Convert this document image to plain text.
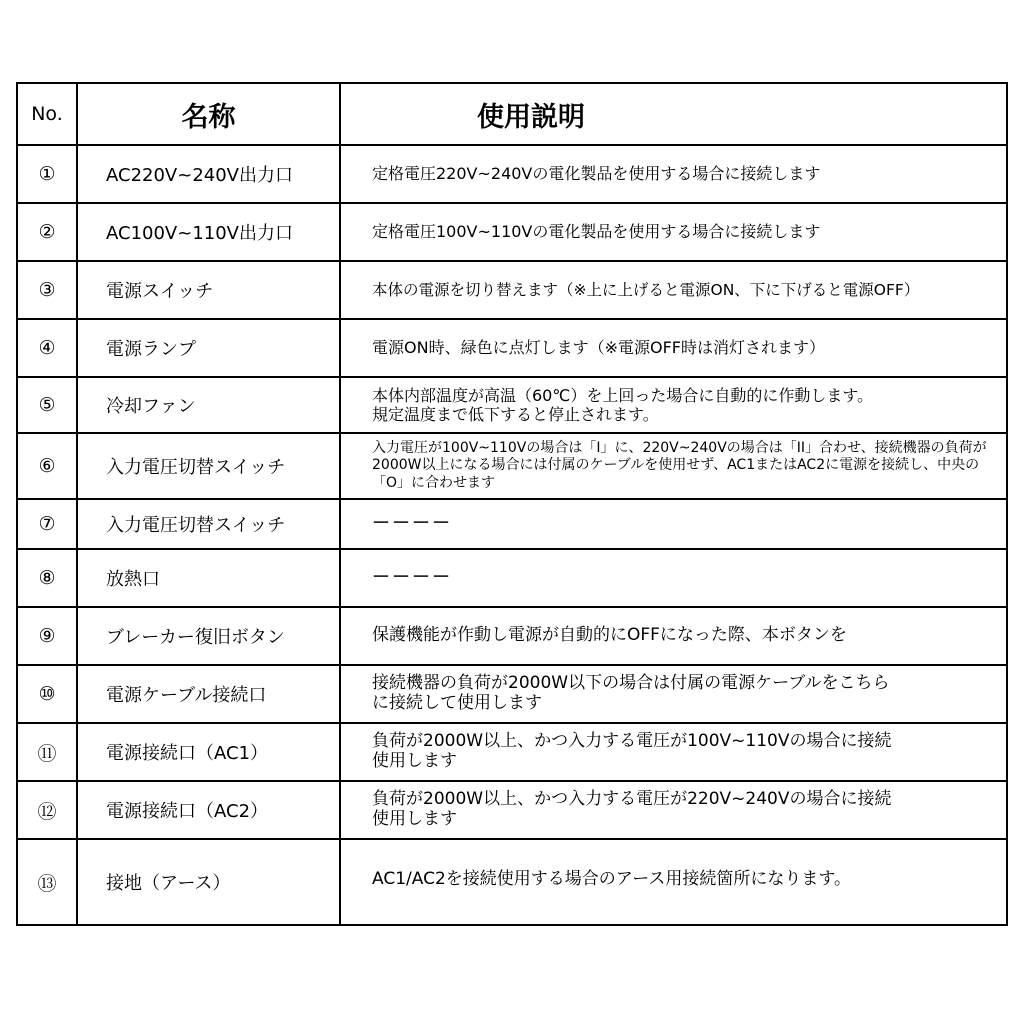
No.	名称	使用説明
①	AC220V~240V出力口	定格電圧220V~240Vの電化製品を使用する場合に接続します
②	AC100V~110V出力口	定格電圧100V~110Vの電化製品を使用する場合に接続します
③	電源スイッチ	本体の電源を切り替えます（※上に上げると電源ON、下に下げると電源OFF）
④	電源ランプ	電源ON時、緑色に点灯します（※電源OFF時は消灯されます）
⑤	冷却ファン	本体内部温度が高温（60℃）を上回った場合に自動的に作動します。
規定温度まで低下すると停止されます。
⑥	入力電圧切替スイッチ	入力電圧が100V~110Vの場合は「I」に、220V~240Vの場合は「II」合わせ、接続機器の負荷が2000W以上になる場合には付属のケーブルを使用せず、AC1またはAC2に電源を接続し、中央の「O」に合わせます
⑦	入力電圧切替スイッチ	－－－－
⑧	放熱口	－－－－
⑨	ブレーカー復旧ボタン	保護機能が作動し電源が自動的にOFFになった際、本ボタンを
⑩	電源ケーブル接続口	接続機器の負荷が2000W以下の場合は付属の電源ケーブルをこちら
に接続して使用します
⑪	電源接続口（AC1）	負荷が2000W以上、かつ入力する電圧が100V~110Vの場合に接続
使用します
⑫	電源接続口（AC2）	負荷が2000W以上、かつ入力する電圧が220V~240Vの場合に接続
使用します
⑬	接地（アース）	AC1/AC2を接続使用する場合のアース用接続箇所になります。
